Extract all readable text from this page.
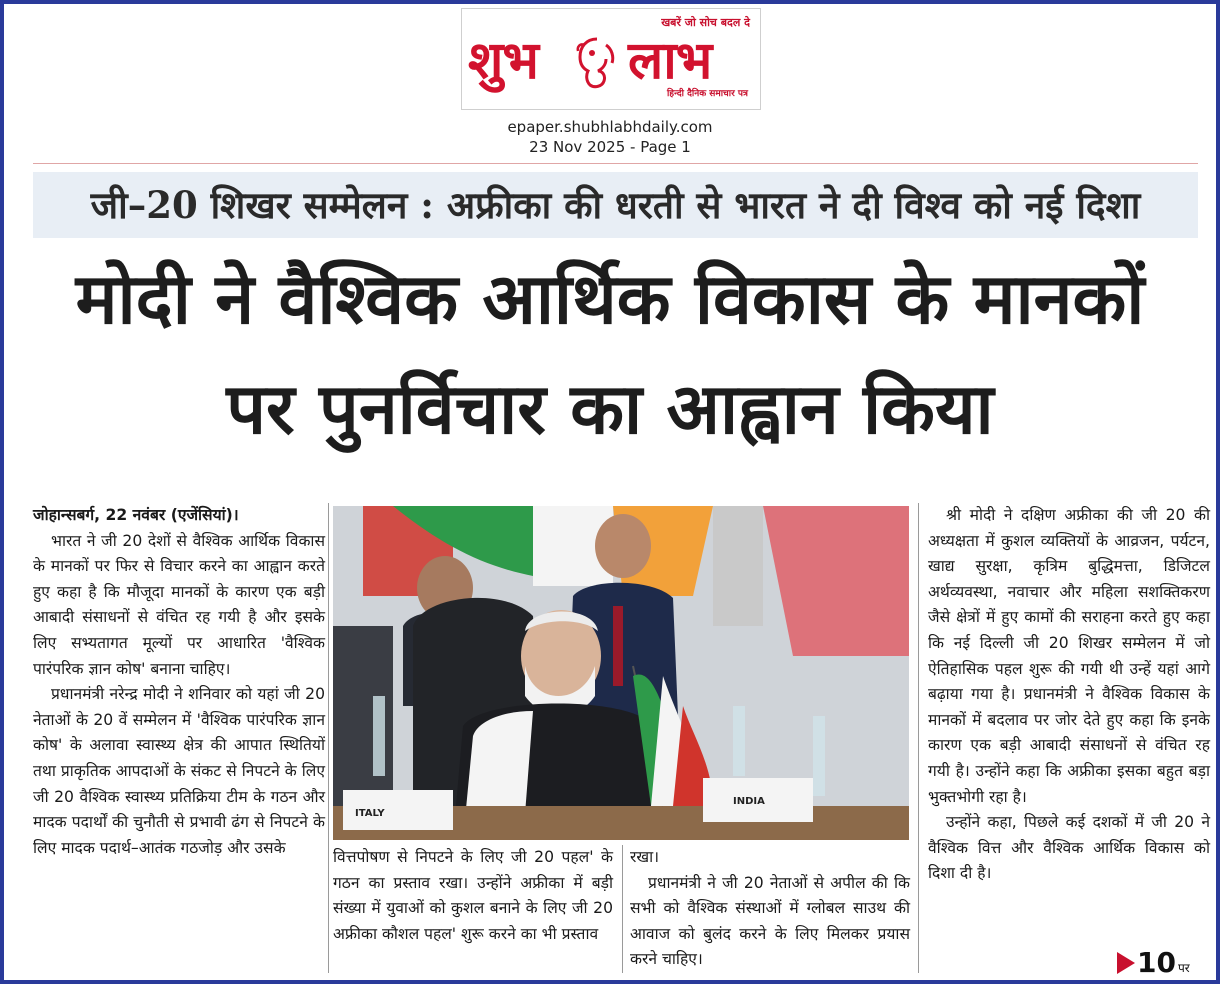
खबरें जो सोच बदल दे
शुभ लाभ
हिन्दी दैनिक समाचार पत्र
epaper.shubhlabhdaily.com
23 Nov 2025 - Page 1
जी–20 शिखर सम्मेलन : अफ्रीका की धरती से भारत ने दी विश्व को नई दिशा
मोदी ने वैश्विक आर्थिक विकास के मानकों
पर पुनर्विचार का आह्वान किया

जोहान्सबर्ग, 22 नवंबर (एजेंसियां)।

भारत ने जी 20 देशों से वैश्विक आर्थिक विकास के मानकों पर फिर से विचार करने का आह्वान करते हुए कहा है कि मौजूदा मानकों के कारण एक बड़ी आबादी संसाधनों से वंचित रह गयी है और इसके लिए सभ्यतागत मूल्यों पर आधारित 'वैश्विक पारंपरिक ज्ञान कोष' बनाना चाहिए।

प्रधानमंत्री नरेन्द्र मोदी ने शनिवार को यहां जी 20 नेताओं के 20 वें सम्मेलन में 'वैश्विक पारंपरिक ज्ञान कोष' के अलावा स्वास्थ्य क्षेत्र की आपात स्थितियों तथा प्राकृतिक आपदाओं के संकट से निपटने के लिए जी 20 वैश्विक स्वास्थ्य प्रतिक्रिया टीम के गठन और मादक पदार्थों की चुनौती से प्रभावी ढंग से निपटने के लिए मादक पदार्थ–आतंक गठजोड़ और उसके

ITALY
INDIA

वित्तपोषण से निपटने के लिए जी 20 पहल' के गठन का प्रस्ताव रखा। उन्होंने अफ्रीका में बड़ी संख्या में युवाओं को कुशल बनाने के लिए जी 20 अफ्रीका कौशल पहल' शुरू करने का भी प्रस्ताव

रखा।

प्रधानमंत्री ने जी 20 नेताओं से अपील की कि सभी को वैश्विक संस्थाओं में ग्लोबल साउथ की आवाज को बुलंद करने के लिए मिलकर प्रयास करने चाहिए।

श्री मोदी ने दक्षिण अफ्रीका की जी 20 की अध्यक्षता में कुशल व्यक्तियों के आव्रजन, पर्यटन, खाद्य सुरक्षा, कृत्रिम बुद्धिमत्ता, डिजिटल अर्थव्यवस्था, नवाचार और महिला सशक्तिकरण जैसे क्षेत्रों में हुए कामों की सराहना करते हुए कहा कि नई दिल्ली जी 20 शिखर सम्मेलन में जो ऐतिहासिक पहल शुरू की गयी थी उन्हें यहां आगे बढ़ाया गया है। प्रधानमंत्री ने वैश्विक विकास के मानकों में बदलाव पर जोर देते हुए कहा कि इनके कारण एक बड़ी आबादी संसाधनों से वंचित रह गयी है। उन्होंने कहा कि अफ्रीका इसका बहुत बड़ा भुक्तभोगी रहा है।

उन्होंने कहा, पिछले कई दशकों में जी 20 ने वैश्विक वित्त और वैश्विक आर्थिक विकास को दिशा दी है।

10 पर
